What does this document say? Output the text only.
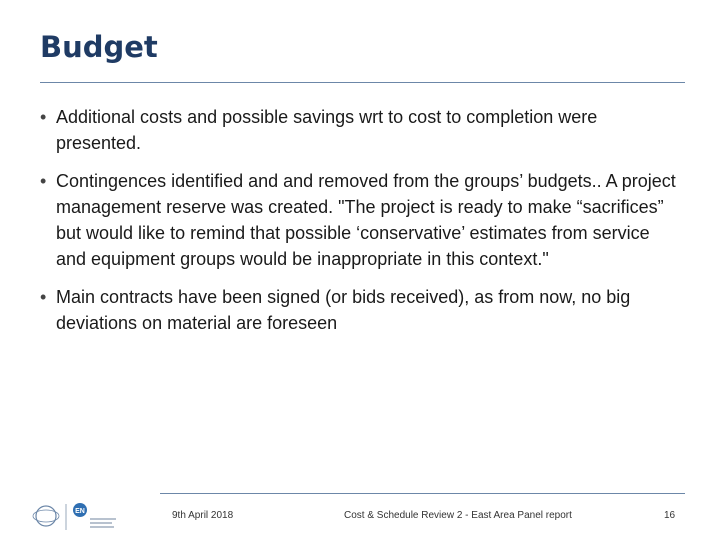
Budget
• Additional costs and possible savings wrt to cost to completion were presented.
• Contingences identified and and removed from the groups’ budgets.. A project management reserve was created. "The project is ready to make “sacrifices” but would like to remind that possible ‘conservative’ estimates from service and equipment groups would be inappropriate in this context."
• Main contracts have been signed (or bids received), as from now, no big deviations on material are foreseen
EN	9th April 2018	Cost & Schedule Review 2 - East Area Panel report	16
